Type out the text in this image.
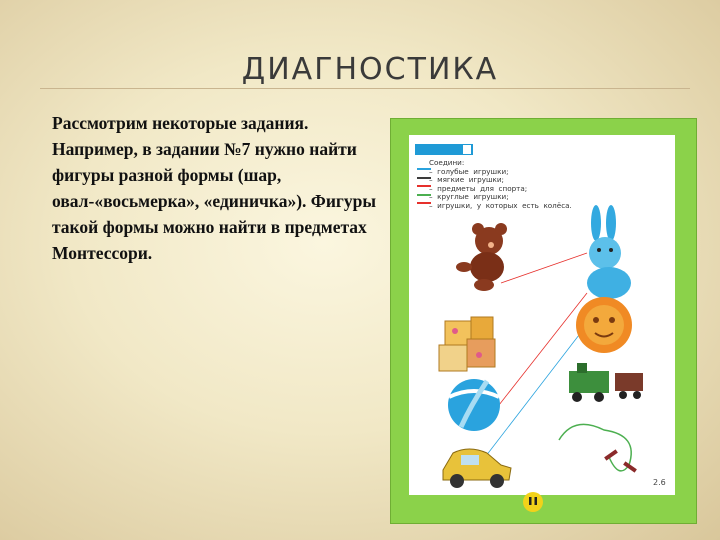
ДИАГНОСТИКА
Рассмотрим некоторые задания. Например, в задании №7 нужно найти фигуры разной формы (шар, овал-«восьмерка», «единичка»). Фигуры такой формы можно найти в предметах Монтессори.
Соедини:
–  голубые  игрушки;
–  мягкие  игрушки;
–  предметы  для  спорта;
–  круглые  игрушки;
–  игрушки,  у  которых  есть  колёса.
2.6
